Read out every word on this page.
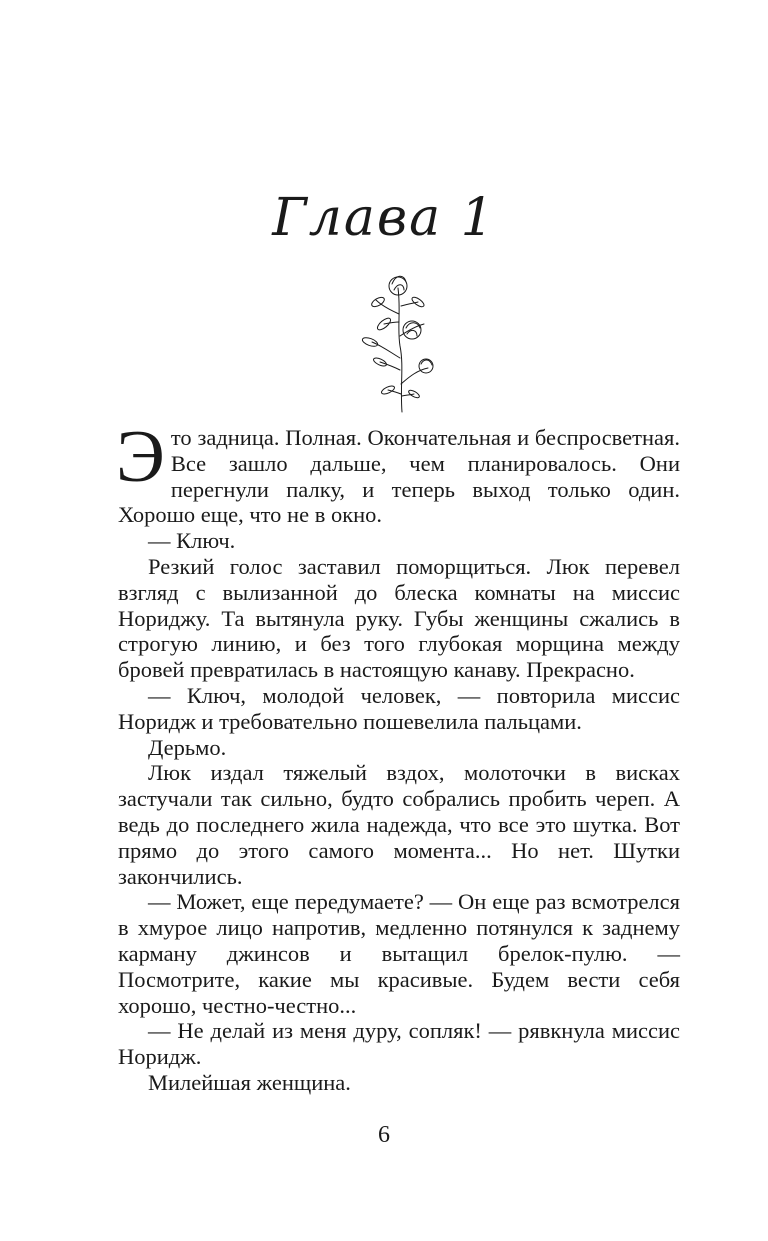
Глава 1

Это задница. Полная. Окончательная и беспросветная. Все зашло дальше, чем планировалось. Они перегнули палку, и теперь выход только один. Хорошо еще, что не в окно.

— Ключ.

Резкий голос заставил поморщиться. Люк перевел взгляд с вылизанной до блеска комнаты на миссис Нориджу. Та вытянула руку. Губы женщины сжались в строгую линию, и без того глубокая морщина между бровей превратилась в настоящую канаву. Прекрасно.

— Ключ, молодой человек, — повторила миссис Норидж и требовательно пошевелила пальцами.

Дерьмо.

Люк издал тяжелый вздох, молоточки в висках застучали так сильно, будто собрались пробить череп. А ведь до последнего жила надежда, что все это шутка. Вот прямо до этого самого момента... Но нет. Шутки закончились.

— Может, еще передумаете? — Он еще раз всмотрелся в хмурое лицо напротив, медленно потянулся к заднему карману джинсов и вытащил брелок-пулю. — Посмотрите, какие мы красивые. Будем вести себя хорошо, честно-честно...

— Не делай из меня дуру, сопляк! — рявкнула миссис Норидж.

Милейшая женщина.

6
